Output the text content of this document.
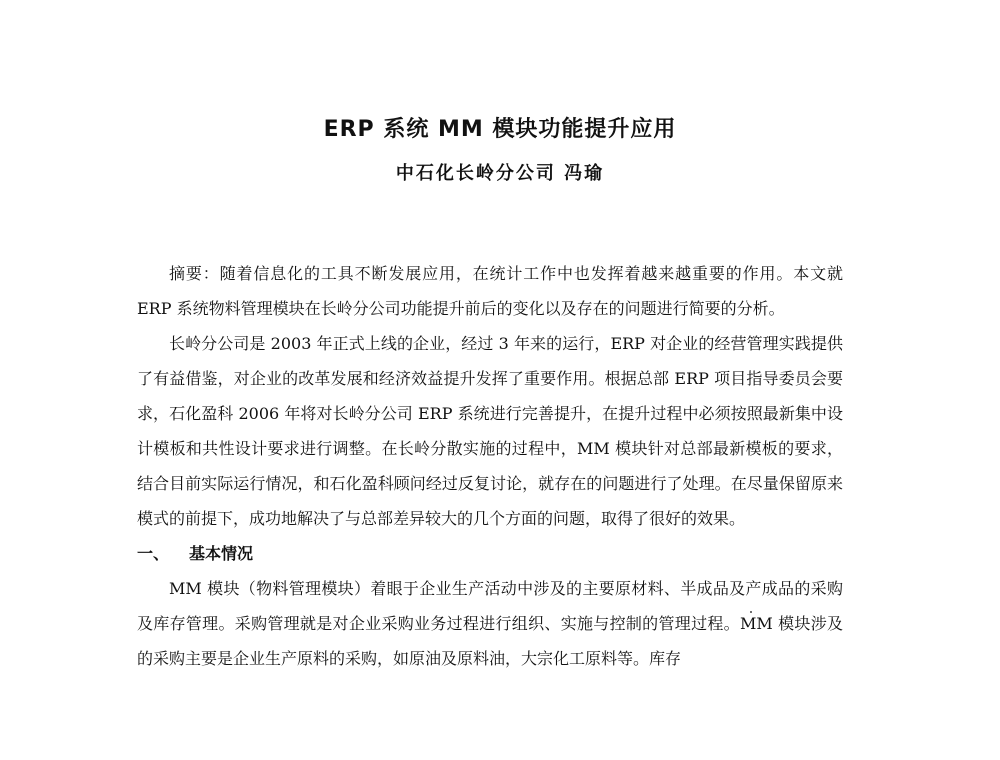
ERP 系统 MM 模块功能提升应用
中石化长岭分公司 冯瑜

摘要：随着信息化的工具不断发展应用，在统计工作中也发挥着越来越重要的作用。本文就 ERP 系统物料管理模块在长岭分公司功能提升前后的变化以及存在的问题进行简要的分析。

长岭分公司是 2003 年正式上线的企业，经过 3 年来的运行，ERP 对企业的经营管理实践提供了有益借鉴，对企业的改革发展和经济效益提升发挥了重要作用。根据总部 ERP 项目指导委员会要求，石化盈科 2006 年将对长岭分公司 ERP 系统进行完善提升，在提升过程中必须按照最新集中设计模板和共性设计要求进行调整。在长岭分散实施的过程中，MM 模块针对总部最新模板的要求，结合目前实际运行情况，和石化盈科顾问经过反复讨论，就存在的问题进行了处理。在尽量保留原来模式的前提下，成功地解决了与总部差异较大的几个方面的问题，取得了很好的效果。

一、 基本情况

MM 模块（物料管理模块）着眼于企业生产活动中涉及的主要原材料、半成品及产成品的采购及库存管理。采购管理就是对企业采购业务过程进行组织、实施与控制的管理过程。MM 模块涉及的采购主要是企业生产原料的采购，如原油及原料油，大宗化工原料等。库存
